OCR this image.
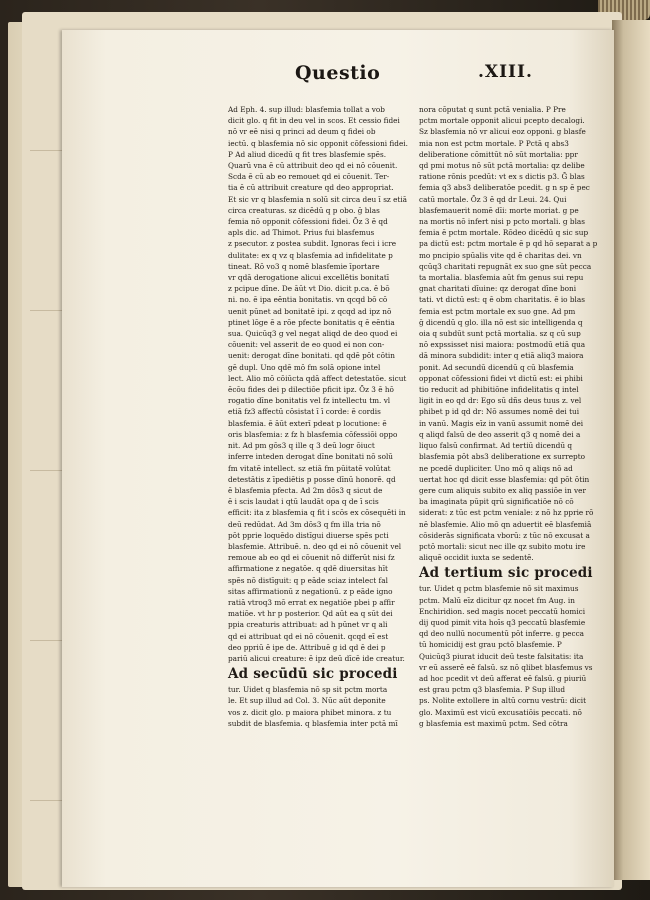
Questio	.XIII.
Ad Eph. 4. sup illud: blasfemia tollat a vob
dicit glo. q fit in deu vel in scos. Et cessio fidei
nō vr eē nisi q princi ad deum q fidei ob
iectū. q blasfemia nō sic opponit cōfessioni fidei.
P Ad aliud dicedū q fit tres blasfemie spēs.
Quarū vna ē cū attribuit deo qd ei nō cōuenit.
Scda ē cū ab eo remouet qd ei cōuenit. Ter-
tia ē cū attribuit creature qd deo appropriat.
Et sic vr q blasfemia n solū sit circa deu ī sz etiā
circa creaturas. sz dicēdū q p obo. ḡ blas
femia nō opponit cōfessioni fidei. Ōz 3 ē qd
apls dic. ad Thimot. Prius fui blasfemus
z psecutor. z postea subdit. Ignoras feci i icre
dulitate: ex q vz q blasfemia ad infidelitate p
tineat. Rō vo3 q nomē blasfemie īportare
vr qdā derogatione alicui excellētis bonitatī
z pcipue dīne. De āūt vt Dio. dicit p.ca. ē bō
ni. no. ē ipa eēntia bonitatis. vn qcqd bō cō
uenit pūnet ad bonitatē ipi. z qcqd ad ipz nō
ptinet lōge ē a rōe pfecte bonitatis q ē eēntia
sua. Quicūq3 g vel negat aliqd de deo quod ei
cōuenit: vel asserit de eo quod ei non con-
uenit: derogat dīne bonitati. qd qdē pōt cōtin
gē dupl. Uno qdē mō fm solā opione intel
lect. Alio mō cōiūcta qdā affect detestatōe. sicut
ēcōu fides dei p dilectiōe pficit ipz. Ōz 3 ē hō
rogatio dīne bonitatis vel fz intellectu tm. vl
etiā fz3 affectū cōsistat ī ī corde: ē cordis
blasfemia. ē āūt exterī pdeat p locutione: ē
oris blasfemia: z fz h blasfemia cōfessiōi oppo
nit. Ad pm gōs3 q ille q 3 deū logr ōiuct
inferre inteden derogat dīne bonitati nō solū
fm vitatē intellect. sz etiā fm pūitatē volūtat
detestātis z īpediētis p posse dīnū honorē. qd
ē blasfemia pfecta. Ad 2m dōs3 q sicut de
ē i scis laudat i qtū laudāt opa q de ī scis
efficit: ita z blasfemia q fit i scōs ex cōsequēti in
deū redūdat. Ad 3m dōs3 q fm illa tria nō
pōt pprie loquēdo distīgui diuerse spēs pcti
blasfemie. Attribuē. n. deo qd ei nō cōuenit vel
remoue ab eo qd ei cōuenit nō differūt nisi fz
affirmatione z negatōe. q qdē diuersitas hīt
spēs nō distīguit: q p eāde sciaz intelect fal
sitas affirmationū z negationū. z p eāde igno
ratiā vtroq3 mō errat ex negatiōe pbei p affir
matiōe. vt hr p posterior. Qd aūt ea q sūt dei
ppia creaturis attribuat: ad h pūnet vr q ali
qd ei attribuat qd ei nō cōuenit. qcqd eī est
deo ppriū ē ipe de. Attribuē g id qd ē dei p
pariū alicui creature: ē ipz deū dīcē ide creatur.
Ad secūdū sic procedi
tur. Uidet q blasfemia nō sp sit pctm morta
le. Et sup illud ad Col. 3. Nūc aūt deponite
vos z. dicit glo. p maiora phibet minora. z tu
subdit de blasfemia. q blasfemia inter pctā mī
nora cōputat q sunt pctā venialia. P Pre
pctm mortale opponit alicui pcepto decalogi.
Sz blasfemia nō vr alicui eoz opponi. g blasfe
mia non est pctm mortale. P Pctā q abs3
deliberatione cōmittūt nō sūt mortalia: ppr
qd pmi motus nō sūt pctā mortalia: qz delibe
ratione rōnis pcedūt: vt ex s dictis p3. Ḡ blas
femia q3 abs3 deliberatōe pcedit. g n sp ē pec
catū mortale. Ōz 3 ē qd dr Leui. 24. Qui
blasfemauerit nomē dīi: morte moriat. g pe
na mortis nō infert nisi p pcto mortali. g blas
femia ē pctm mortale. Rōdeo dicēdū q sic sup
pa dictū est: pctm mortale ē p qd hō separat a p
mo pncipio spūalis vite qd ē charitas dei. vn
qcūq3 charitati repugnāt ex suo gne sūt pecca
ta mortalia. blasfemia aūt fm genus sui repu
gnat charitati dīuine: qz derogat dīne boni
tati. vt dictū est: q ē obm charitatis. ē io blas
femia est pctm mortale ex suo gne. Ad pm
ḡ dicendū q glo. illa nō est sic intelligenda q
oia q subdūt sunt pctā mortalia. sz q cū sup
nō expssisset nisi maiora: postmodū etiā qua
dā minora subdidit: inter q etiā aliq3 maiora
ponit. Ad secundū dicendū q cū blasfemia
opponat cōfessioni fidei vt dictū est: ei phibi
tio reducit ad phibitiōne infidelitatis q intel
ligit in eo qd dr: Ego sū dñs deus tuus z. vel
phibet p id qd dr: Nō assumes nomē dei tui
in vanū. Magis eīz in vanū assumit nomē dei
q aliqd falsū de deo asserit q3 q nomē dei a
liquo falsū confirmat. Ad tertiū dicendū q
blasfemia pōt abs3 deliberatione ex surrepto
ne pcedē dupliciter. Uno mō q aliqs nō ad
uertat hoc qd dicit esse blasfemia: qd pōt ōtin
gere cum aliquis subito ex aliq passiōe in ver
ba imaginata pūpit qrū significatiōe nō cō
siderat: z tūc est pctm veniale: z nō hz pprie rō
nē blasfemie. Alio mō qn aduertit eē blasfemiā
cōsiderās significata vborū: z tūc nō excusat a
pctō mortali: sicut nec ille qz subito motu ire
aliquē occidit iuxta se sedentē.
Ad tertium sic procedi
tur. Uidet q pctm blasfemie nō sit maximus
pctm. Malū eīz dicitur qz nocet fm Aug. in
Enchiridion. sed magis nocet peccatū homici
dij quod pimit vita hoīs q3 peccatū blasfemie
qd deo nullū nocumentū pōt inferre. g pecca
tū homicidij est grau pctō blasfemie. P
Quicūq3 piurat iducit deū teste falsitatis: ita
vr eū asserē eē falsū. sz nō qlibet blasfemus vs
ad hoc pcedit vt deū afferat eē falsū. g piuriū
est grau pctm q3 blasfemia. P Sup illud
ps. Nolite extollere in altū cornu vestrū: dicit
glo. Maximū est vicū excusatiōis peccati. nō
g blasfemia est maximū pctm. Sed cōtra
